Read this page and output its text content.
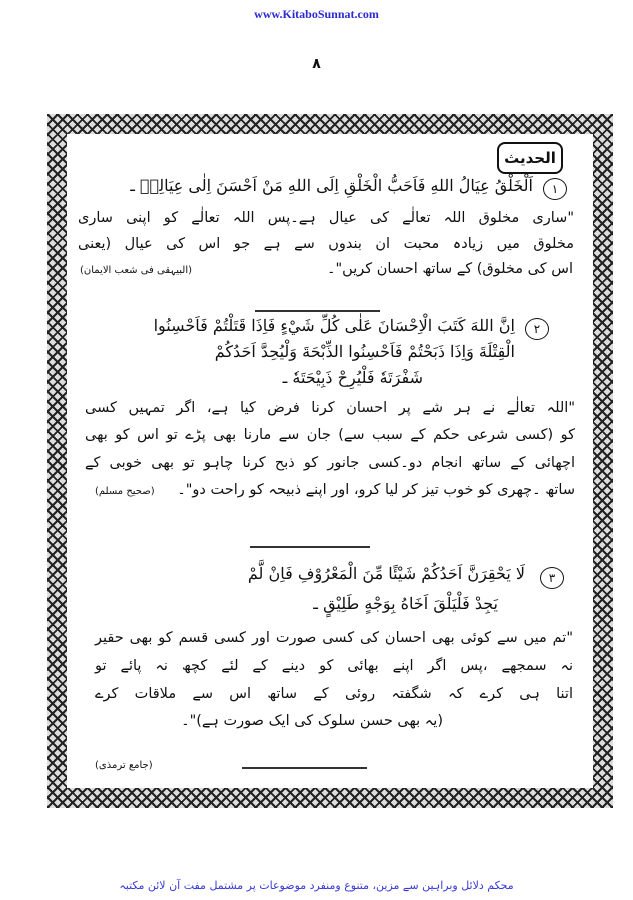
www.KitaboSunnat.com
٨
الحدیث
١
اَلْخَلْقُ عِيَالُ اللهِ فَاَحَبُّ الْخَلْقِ اِلَى اللهِ مَنْ اَحْسَنَ اِلٰى عِيَالِهٖ ـ
"ساری مخلوق اللہ تعالٰے کی عیال ہے۔پس اللہ تعالٰے کو اپنی ساری
مخلوق میں زیادہ محبت ان بندوں سے ہے جو اس کی عیال (یعنی
اس کی مخلوق) کے ساتھ احسان کریں"۔
(البیہقی فی شعب الایمان)
٢
اِنَّ اللهَ كَتَبَ الْاِحْسَانَ عَلٰى كُلِّ شَيْءٍ فَاِذَا قَتَلْتُمْ فَاَحْسِنُوا
الْقِتْلَةَ وَاِذَا ذَبَحْتُمْ فَاَحْسِنُوا الذِّبْحَةَ وَلْيُحِدَّ اَحَدُكُمْ
شَفْرَتَهٗ فَلْيُرِحْ ذَبِيْحَتَهٗ ـ
"اللہ تعالٰے نے ہر شے پر احسان کرنا فرض کیا ہے، اگر تمہیں کسی
کو (کسی شرعی حکم کے سبب سے) جان سے مارنا بھی پڑے تو اس کو بھی
اچھائی کے ساتھ انجام دو۔کسی جانور کو ذبح کرنا چاہو تو بھی خوبی کے
ساتھ ۔چھری کو خوب تیز کر لیا کرو، اور اپنے ذبیحہ کو راحت دو"۔
(صحیح مسلم)
٣
لَا يَحْقِرَنَّ اَحَدُكُمْ شَيْئًا مِّنَ الْمَعْرُوْفِ فَاِنْ لَّمْ
يَجِدْ فَلْيَلْقَ اَخَاهُ بِوَجْهٍ طَلِيْقٍ ـ
"تم میں سے کوئی بھی احسان کی کسی صورت اور کسی قسم کو بھی حقیر
نہ سمجھے ،پس اگر اپنے بھائی کو دینے کے لئے کچھ نہ پائے تو
اتنا ہی کرے کہ شگفتہ روئی کے ساتھ اس سے ملاقات کرے
(یہ بھی حسن سلوک کی ایک صورت ہے)"۔
(جامع ترمذی)
محکم دلائل وبراہین سے مزین، متنوع ومنفرد موضوعات پر مشتمل مفت آن لائن مکتبہ
